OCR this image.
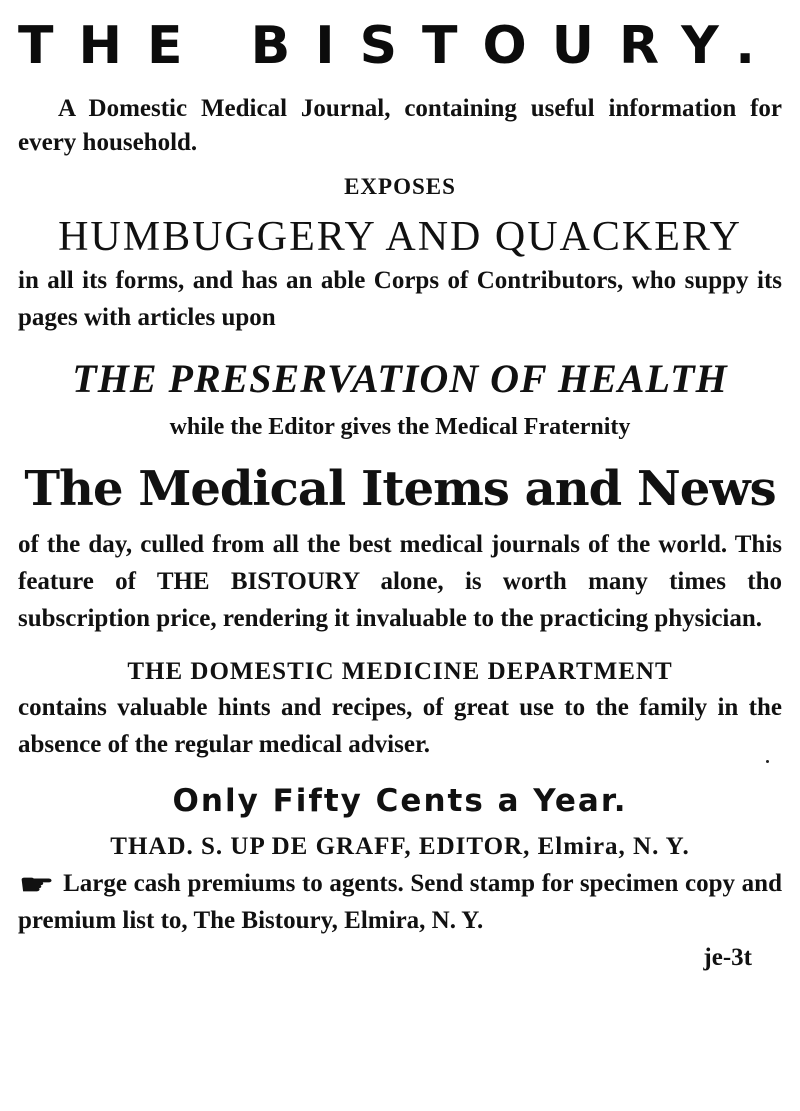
THE BISTOURY.

A Domestic Medical Journal, containing useful information for every household.

EXPOSES

HUMBUGGERY AND QUACKERY

in all its forms, and has an able Corps of Contributors, who suppy its pages with articles upon

THE PRESERVATION OF HEALTH

while the Editor gives the Medical Fraternity

The Medical Items and News

of the day, culled from all the best medical journals of the world. This feature of THE BISTOURY alone, is worth many times tho subscription price, rendering it invaluable to the practicing physician.

THE DOMESTIC MEDICINE DEPARTMENT

contains valuable hints and recipes, of great use to the family in the absence of the regular medical adviser.

Only Fifty Cents a Year.

THAD. S. UP DE GRAFF, EDITOR, Elmira, N. Y.

☛ Large cash premiums to agents. Send stamp for specimen copy and premium list to, The Bistoury, Elmira, N. Y.

je-3t
